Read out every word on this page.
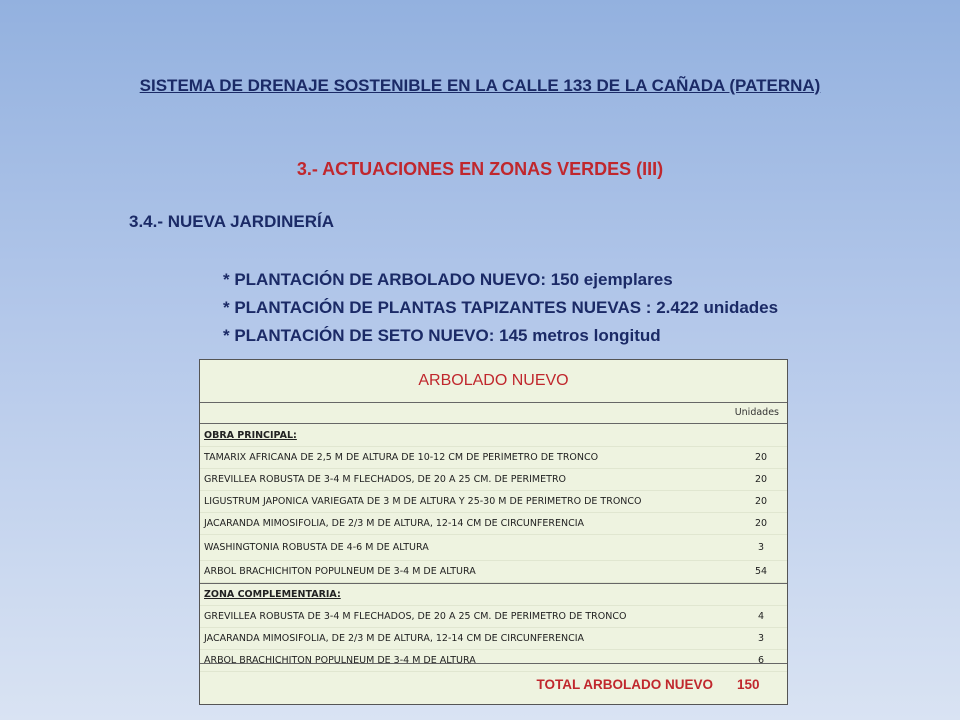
SISTEMA DE DRENAJE SOSTENIBLE EN LA CALLE 133 DE LA CAÑADA (PATERNA)
3.- ACTUACIONES EN ZONAS VERDES (III)
3.4.- NUEVA JARDINERÍA
* PLANTACIÓN DE ARBOLADO NUEVO: 150 ejemplares
* PLANTACIÓN DE PLANTAS TAPIZANTES NUEVAS : 2.422 unidades
* PLANTACIÓN DE SETO NUEVO: 145 metros longitud
ARBOLADO NUEVO
Unidades
OBRA PRINCIPAL:
TAMARIX AFRICANA DE 2,5 M DE ALTURA DE 10-12 CM DE PERÍMETRO DE TRONCO	20
GREVILLEA ROBUSTA DE 3-4 M FLECHADOS, DE 20 A 25 CM. DE PERÍMETRO	20
LIGUSTRUM JAPONICA VARIEGATA DE 3 M DE ALTURA Y 25-30 M DE PERÍMETRO DE TRONCO	20
JACARANDA MIMOSIFOLIA, DE 2/3 M DE ALTURA, 12-14 CM DE CIRCUNFERENCIA	20
WASHINGTONIA ROBUSTA DE 4-6 M DE ALTURA	3
ÁRBOL BRACHICHITON POPULNEUM DE 3-4 M DE ALTURA	54
ZONA COMPLEMENTARIA:
GREVILLEA ROBUSTA DE 3-4 M FLECHADOS, DE 20 A 25 CM. DE PERÍMETRO DE TRONCO	4
JACARANDA MIMOSIFOLIA, DE 2/3 M DE ALTURA, 12-14 CM DE CIRCUNFERENCIA	3
ÁRBOL BRACHICHITON POPULNEUM DE 3-4 M DE ALTURA	6
TOTAL ARBOLADO NUEVO 150
